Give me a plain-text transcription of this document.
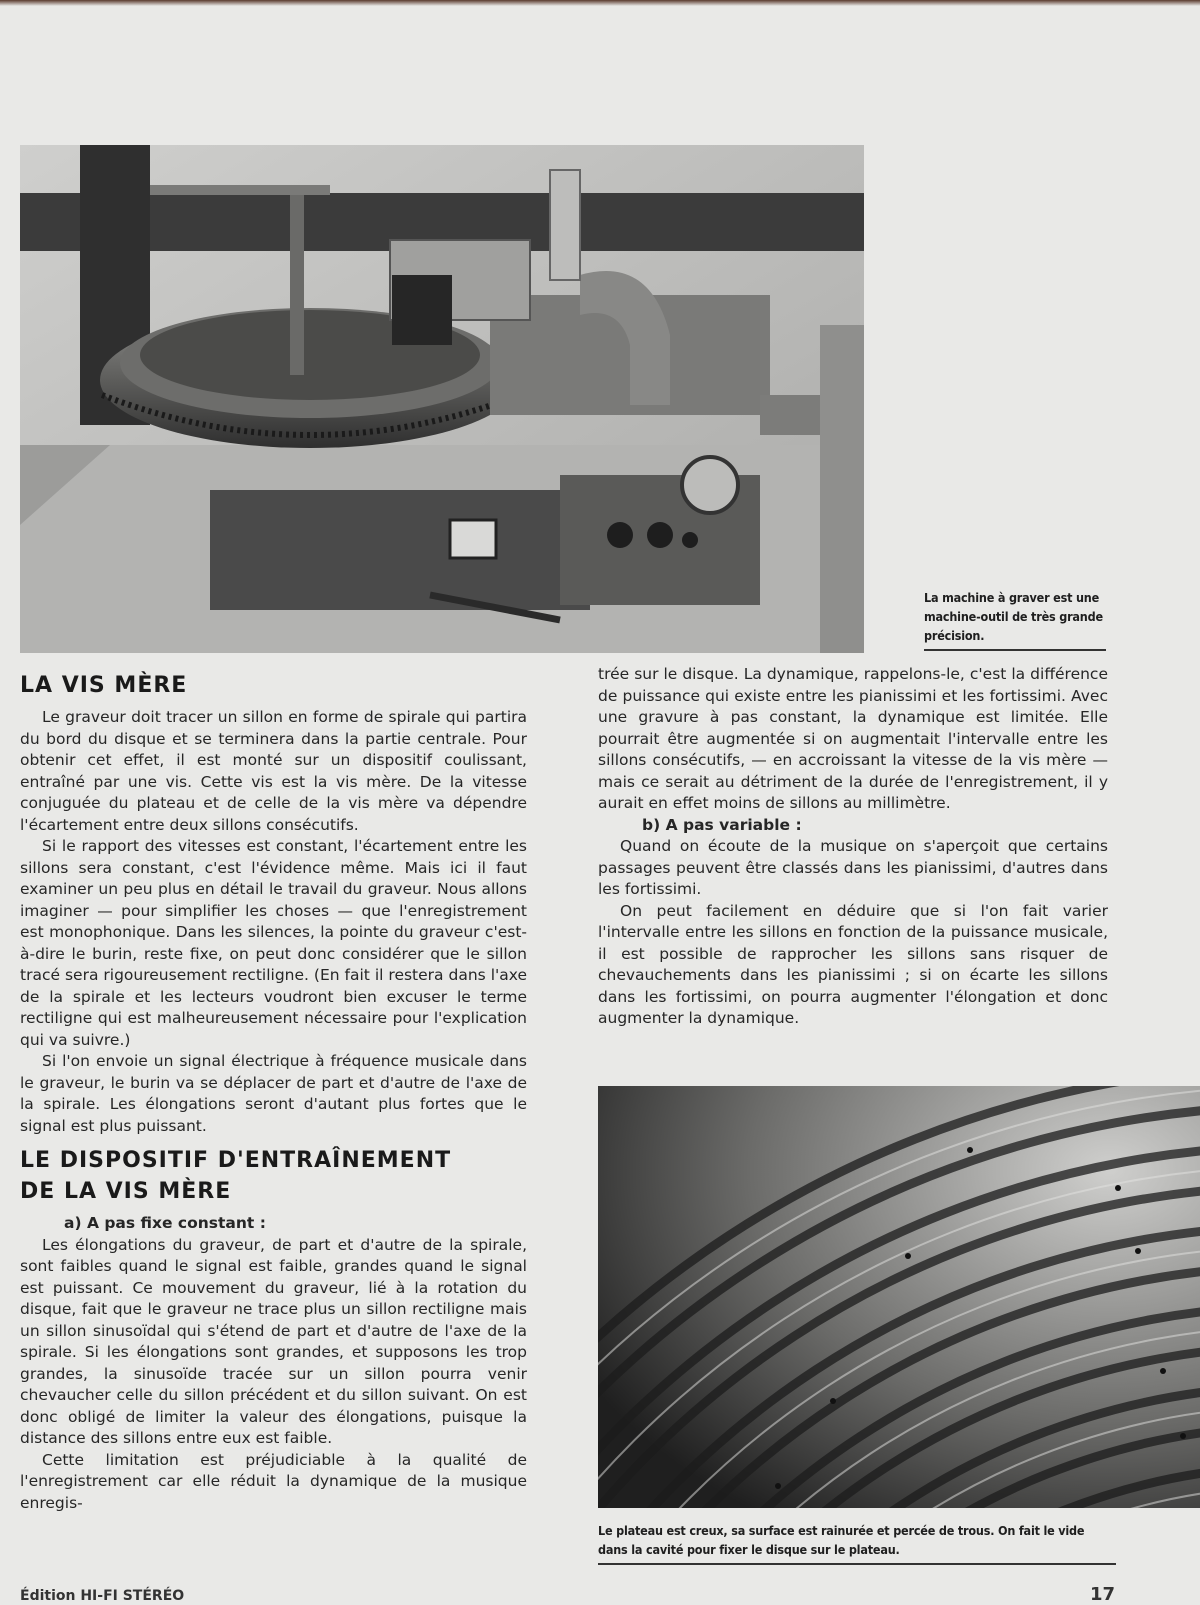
La machine à graver est une machine-outil de très grande précision.
LA VIS MÈRE

Le graveur doit tracer un sillon en forme de spirale qui partira du bord du disque et se terminera dans la partie centrale. Pour obtenir cet effet, il est monté sur un dispositif coulissant, entraîné par une vis. Cette vis est la vis mère. De la vitesse conjuguée du plateau et de celle de la vis mère va dépendre l'écartement entre deux sillons consécutifs.

Si le rapport des vitesses est constant, l'écartement entre les sillons sera constant, c'est l'évidence même. Mais ici il faut examiner un peu plus en détail le travail du graveur. Nous allons imaginer — pour simplifier les choses — que l'enregistrement est monophonique. Dans les silences, la pointe du graveur c'est-à-dire le burin, reste fixe, on peut donc considérer que le sillon tracé sera rigoureusement rectiligne. (En fait il restera dans l'axe de la spirale et les lecteurs voudront bien excuser le terme rectiligne qui est malheureusement nécessaire pour l'explication qui va suivre.)

Si l'on envoie un signal électrique à fréquence musicale dans le graveur, le burin va se déplacer de part et d'autre de l'axe de la spirale. Les élongations seront d'autant plus fortes que le signal est plus puissant.

LE DISPOSITIF D'ENTRAÎNEMENT
DE LA VIS MÈRE

a) A pas fixe constant :

Les élongations du graveur, de part et d'autre de la spirale, sont faibles quand le signal est faible, grandes quand le signal est puissant. Ce mouvement du graveur, lié à la rotation du disque, fait que le graveur ne trace plus un sillon rectiligne mais un sillon sinusoïdal qui s'étend de part et d'autre de l'axe de la spirale. Si les élongations sont grandes, et supposons les trop grandes, la sinusoïde tracée sur un sillon pourra venir chevaucher celle du sillon précédent et du sillon suivant. On est donc obligé de limiter la valeur des élongations, puisque la distance des sillons entre eux est faible.

Cette limitation est préjudiciable à la qualité de l'enregistrement car elle réduit la dynamique de la musique enregis-

trée sur le disque. La dynamique, rappelons-le, c'est la différence de puissance qui existe entre les pianissimi et les fortissimi. Avec une gravure à pas constant, la dynamique est limitée. Elle pourrait être augmentée si on augmentait l'intervalle entre les sillons consécutifs, — en accroissant la vitesse de la vis mère — mais ce serait au détriment de la durée de l'enregistrement, il y aurait en effet moins de sillons au millimètre.

b) A pas variable :

Quand on écoute de la musique on s'aperçoit que certains passages peuvent être classés dans les pianissimi, d'autres dans les fortissimi.

On peut facilement en déduire que si l'on fait varier l'intervalle entre les sillons en fonction de la puissance musicale, il est possible de rapprocher les sillons sans risquer de chevauchements dans les pianissimi ; si on écarte les sillons dans les fortissimi, on pourra augmenter l'élongation et donc augmenter la dynamique.

Le plateau est creux, sa surface est rainurée et percée de trous. On fait le vide dans la cavité pour fixer le disque sur le plateau.
Édition HI-FI STÉRÉO	17
